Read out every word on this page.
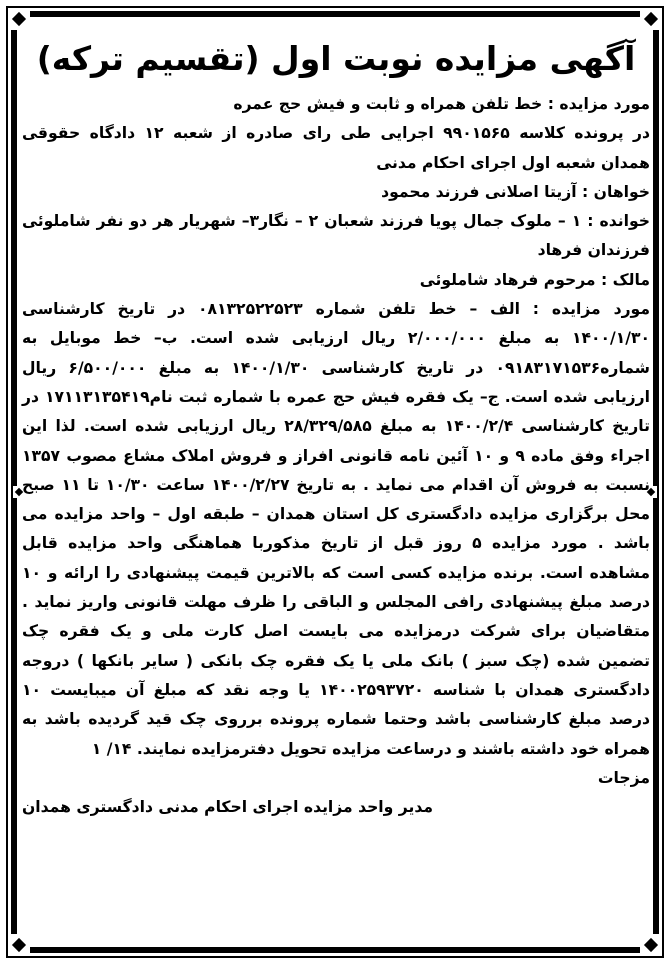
آگهی مزایده نوبت اول (تقسیم ترکه)

مورد مزایده : خط تلفن همراه و ثابت و فیش حج عمره

در پرونده کلاسه ۹۹۰۱۵۶۵ اجرایی طی رای صادره از شعبه ۱۲ دادگاه حقوقی همدان شعبه اول اجرای احکام مدنی

خواهان : آزیتا اصلانی فرزند محمود

خوانده : ۱ – ملوک جمال پویا فرزند شعبان ۲ – نگار۳– شهریار هر دو نفر شاملوئی فرزندان فرهاد

مالک : مرحوم فرهاد شاملوئی

مورد مزایده : الف – خط تلفن شماره ۰۸۱۳۲۵۲۲۵۲۳ در تاریخ کارشناسی ۱۴۰۰/۱/۳۰ به مبلغ ۲/۰۰۰/۰۰۰ ریال ارزیابی شده است. ب– خط موبایل به شماره۰۹۱۸۳۱۷۱۵۳۶ در تاریخ کارشناسی ۱۴۰۰/۱/۳۰ به مبلغ ۶/۵۰۰/۰۰۰ ریال ارزیابی شده است. ج– یک فقره فیش حج عمره با شماره ثبت نام۱۷۱۱۳۱۳۵۴۱۹ در تاریخ کارشناسی ۱۴۰۰/۲/۴ به مبلغ ۲۸/۳۲۹/۵۸۵ ریال ارزیابی شده است. لذا این اجراء وفق ماده ۹ و ۱۰ آئین نامه قانونی افراز و فروش املاک مشاع مصوب ۱۳۵۷ نسبت به فروش آن اقدام می نماید . به تاریخ ۱۴۰۰/۲/۲۷ ساعت ۱۰/۳۰ تا ۱۱ صبح محل برگزاری مزایده دادگستری کل استان همدان – طبقه اول – واحد مزایده می باشد . مورد مزایده ۵ روز قبل از تاریخ مذکوربا هماهنگی واحد مزایده قابل مشاهده است. برنده مزایده کسی است که بالاترین قیمت پیشنهادی را ارائه و ۱۰ درصد مبلغ پیشنهادی رافی المجلس و الباقی را ظرف مهلت قانونی واریز نماید . متقاضیان برای شرکت درمزایده می بایست اصل کارت ملی و یک فقره چک تضمین شده (چک سبز ) بانک ملی یا یک فقره چک بانکی ( سایر بانکها ) دروجه دادگستری همدان با شناسه ۱۴۰۰۲۵۹۳۷۲۰ یا وجه نقد که مبلغ آن میبایست ۱۰ درصد مبلغ کارشناسی باشد وحتما شماره پرونده برروی چک قید گردیده باشد به همراه خود داشته باشند و درساعت مزایده تحویل دفترمزایده نمایند. ۱۴/ ۱

مزجات
مدیر واحد مزایده اجرای احکام مدنی دادگستری همدان
